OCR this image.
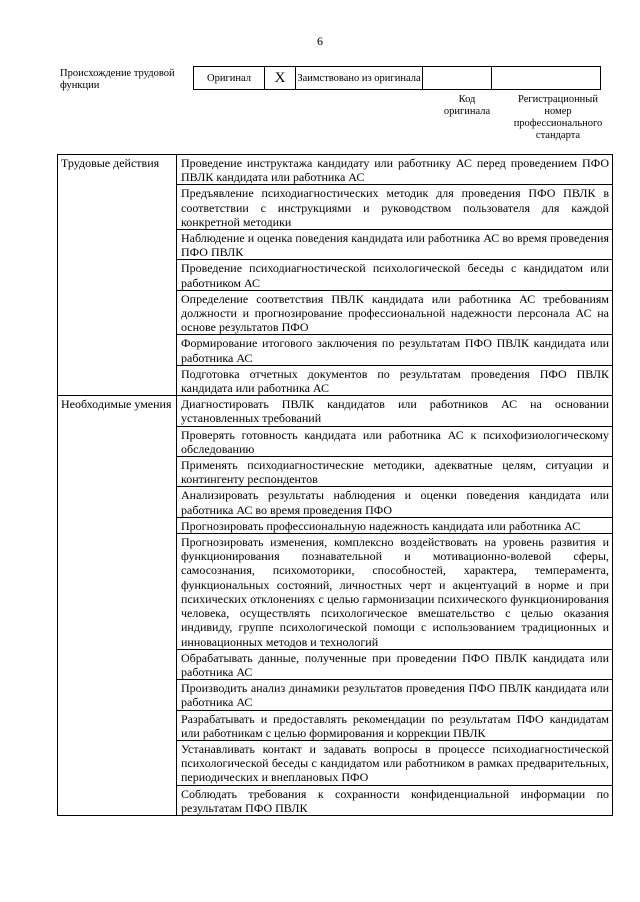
6
Происхождение трудовой функции
Оригинал	X	Заимствовано из оригинала		
Код оригинала
Регистрационный номер профессионального стандарта
Трудовые действия	Проведение инструктажа кандидату или работнику АС перед проведением ПФО ПВЛК кандидата или работника АС
	Предъявление психодиагностических методик для проведения ПФО ПВЛК в соответствии с инструкциями и руководством пользователя для каждой конкретной методики
	Наблюдение и оценка поведения кандидата или работника АС во время проведения ПФО ПВЛК
	Проведение психодиагностической психологической беседы с кандидатом или работником АС
	Определение соответствия ПВЛК кандидата или работника АС требованиям должности и прогнозирование профессиональной надежности персонала АС на основе результатов ПФО
	Формирование итогового заключения по результатам ПФО ПВЛК кандидата или работника АС
	Подготовка отчетных документов по результатам проведения ПФО ПВЛК кандидата или работника АС
Необходимые умения	Диагностировать ПВЛК кандидатов или работников АС на основании установленных требований
	Проверять готовность кандидата или работника АС к психофизиологическому обследованию
	Применять психодиагностические методики, адекватные целям, ситуации и контингенту респондентов
	Анализировать результаты наблюдения и оценки поведения кандидата или работника АС во время проведения ПФО
	Прогнозировать профессиональную надежность кандидата или работника АС
	Прогнозировать изменения, комплексно воздействовать на уровень развития и функционирования познавательной и мотивационно-волевой сферы, самосознания, психомоторики, способностей, характера, темперамента, функциональных состояний, личностных черт и акцентуаций в норме и при психических отклонениях с целью гармонизации психического функционирования человека, осуществлять психологическое вмешательство с целью оказания индивиду, группе психологической помощи с использованием традиционных и инновационных методов и технологий
	Обрабатывать данные, полученные при проведении ПФО ПВЛК кандидата или работника АС
	Производить анализ динамики результатов проведения ПФО ПВЛК кандидата или работника АС
	Разрабатывать и предоставлять рекомендации по результатам ПФО кандидатам или работникам с целью формирования и коррекции ПВЛК
	Устанавливать контакт и задавать вопросы в процессе психодиагностической психологической беседы с кандидатом или работником в рамках предварительных, периодических и внеплановых ПФО
	Соблюдать требования к сохранности конфиденциальной информации по результатам ПФО ПВЛК
